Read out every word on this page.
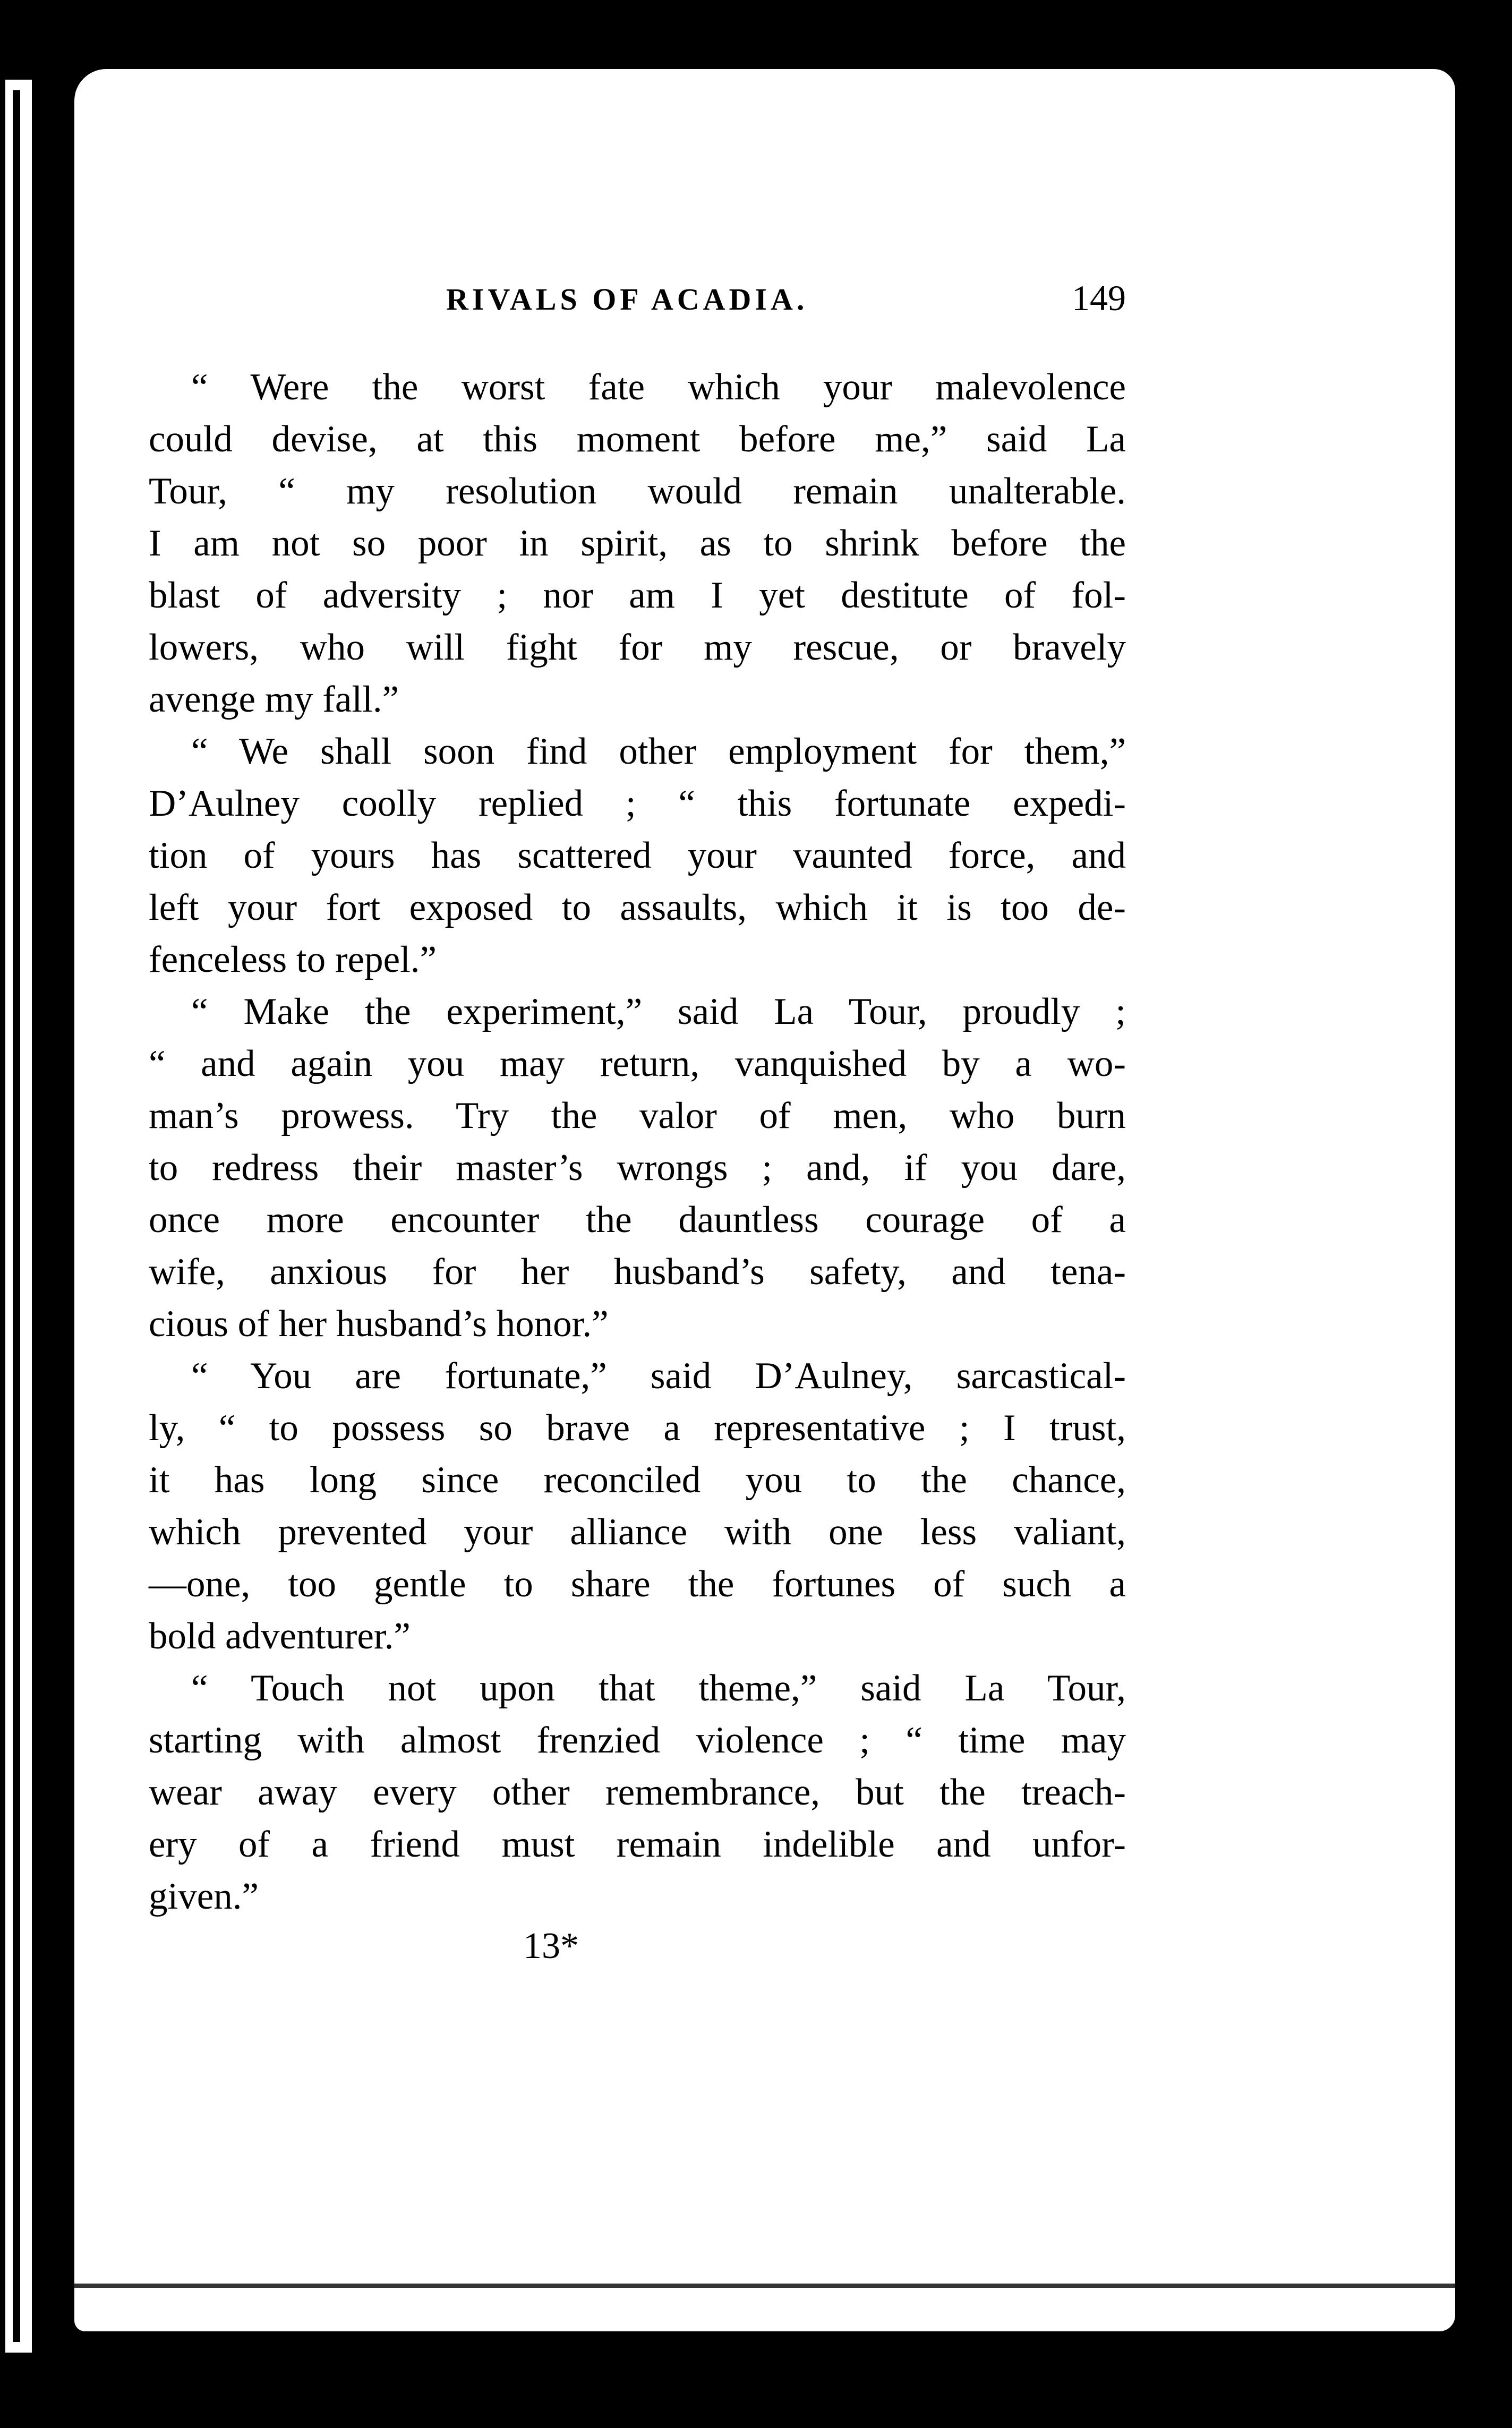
RIVALS OF ACADIA.	149
“ Were the worst fate which your malevolence
could devise, at this moment before me,” said La
Tour, “ my resolution would remain unalterable.
I am not so poor in spirit, as to shrink before the
blast of adversity ; nor am I yet destitute of fol-
lowers, who will fight for my rescue, or bravely
avenge my fall.”
“ We shall soon find other employment for them,”
D’Aulney coolly replied ; “ this fortunate expedi-
tion of yours has scattered your vaunted force, and
left your fort exposed to assaults, which it is too de-
fenceless to repel.”
“ Make the experiment,” said La Tour, proudly ;
“ and again you may return, vanquished by a wo-
man’s prowess. Try the valor of men, who burn
to redress their master’s wrongs ; and, if you dare,
once more encounter the dauntless courage of a
wife, anxious for her husband’s safety, and tena-
cious of her husband’s honor.”
“ You are fortunate,” said D’Aulney, sarcastical-
ly, “ to possess so brave a representative ; I trust,
it has long since reconciled you to the chance,
which prevented your alliance with one less valiant,
—one, too gentle to share the fortunes of such a
bold adventurer.”
“ Touch not upon that theme,” said La Tour,
starting with almost frenzied violence ; “ time may
wear away every other remembrance, but the treach-
ery of a friend must remain indelible and unfor-
given.”
13*
